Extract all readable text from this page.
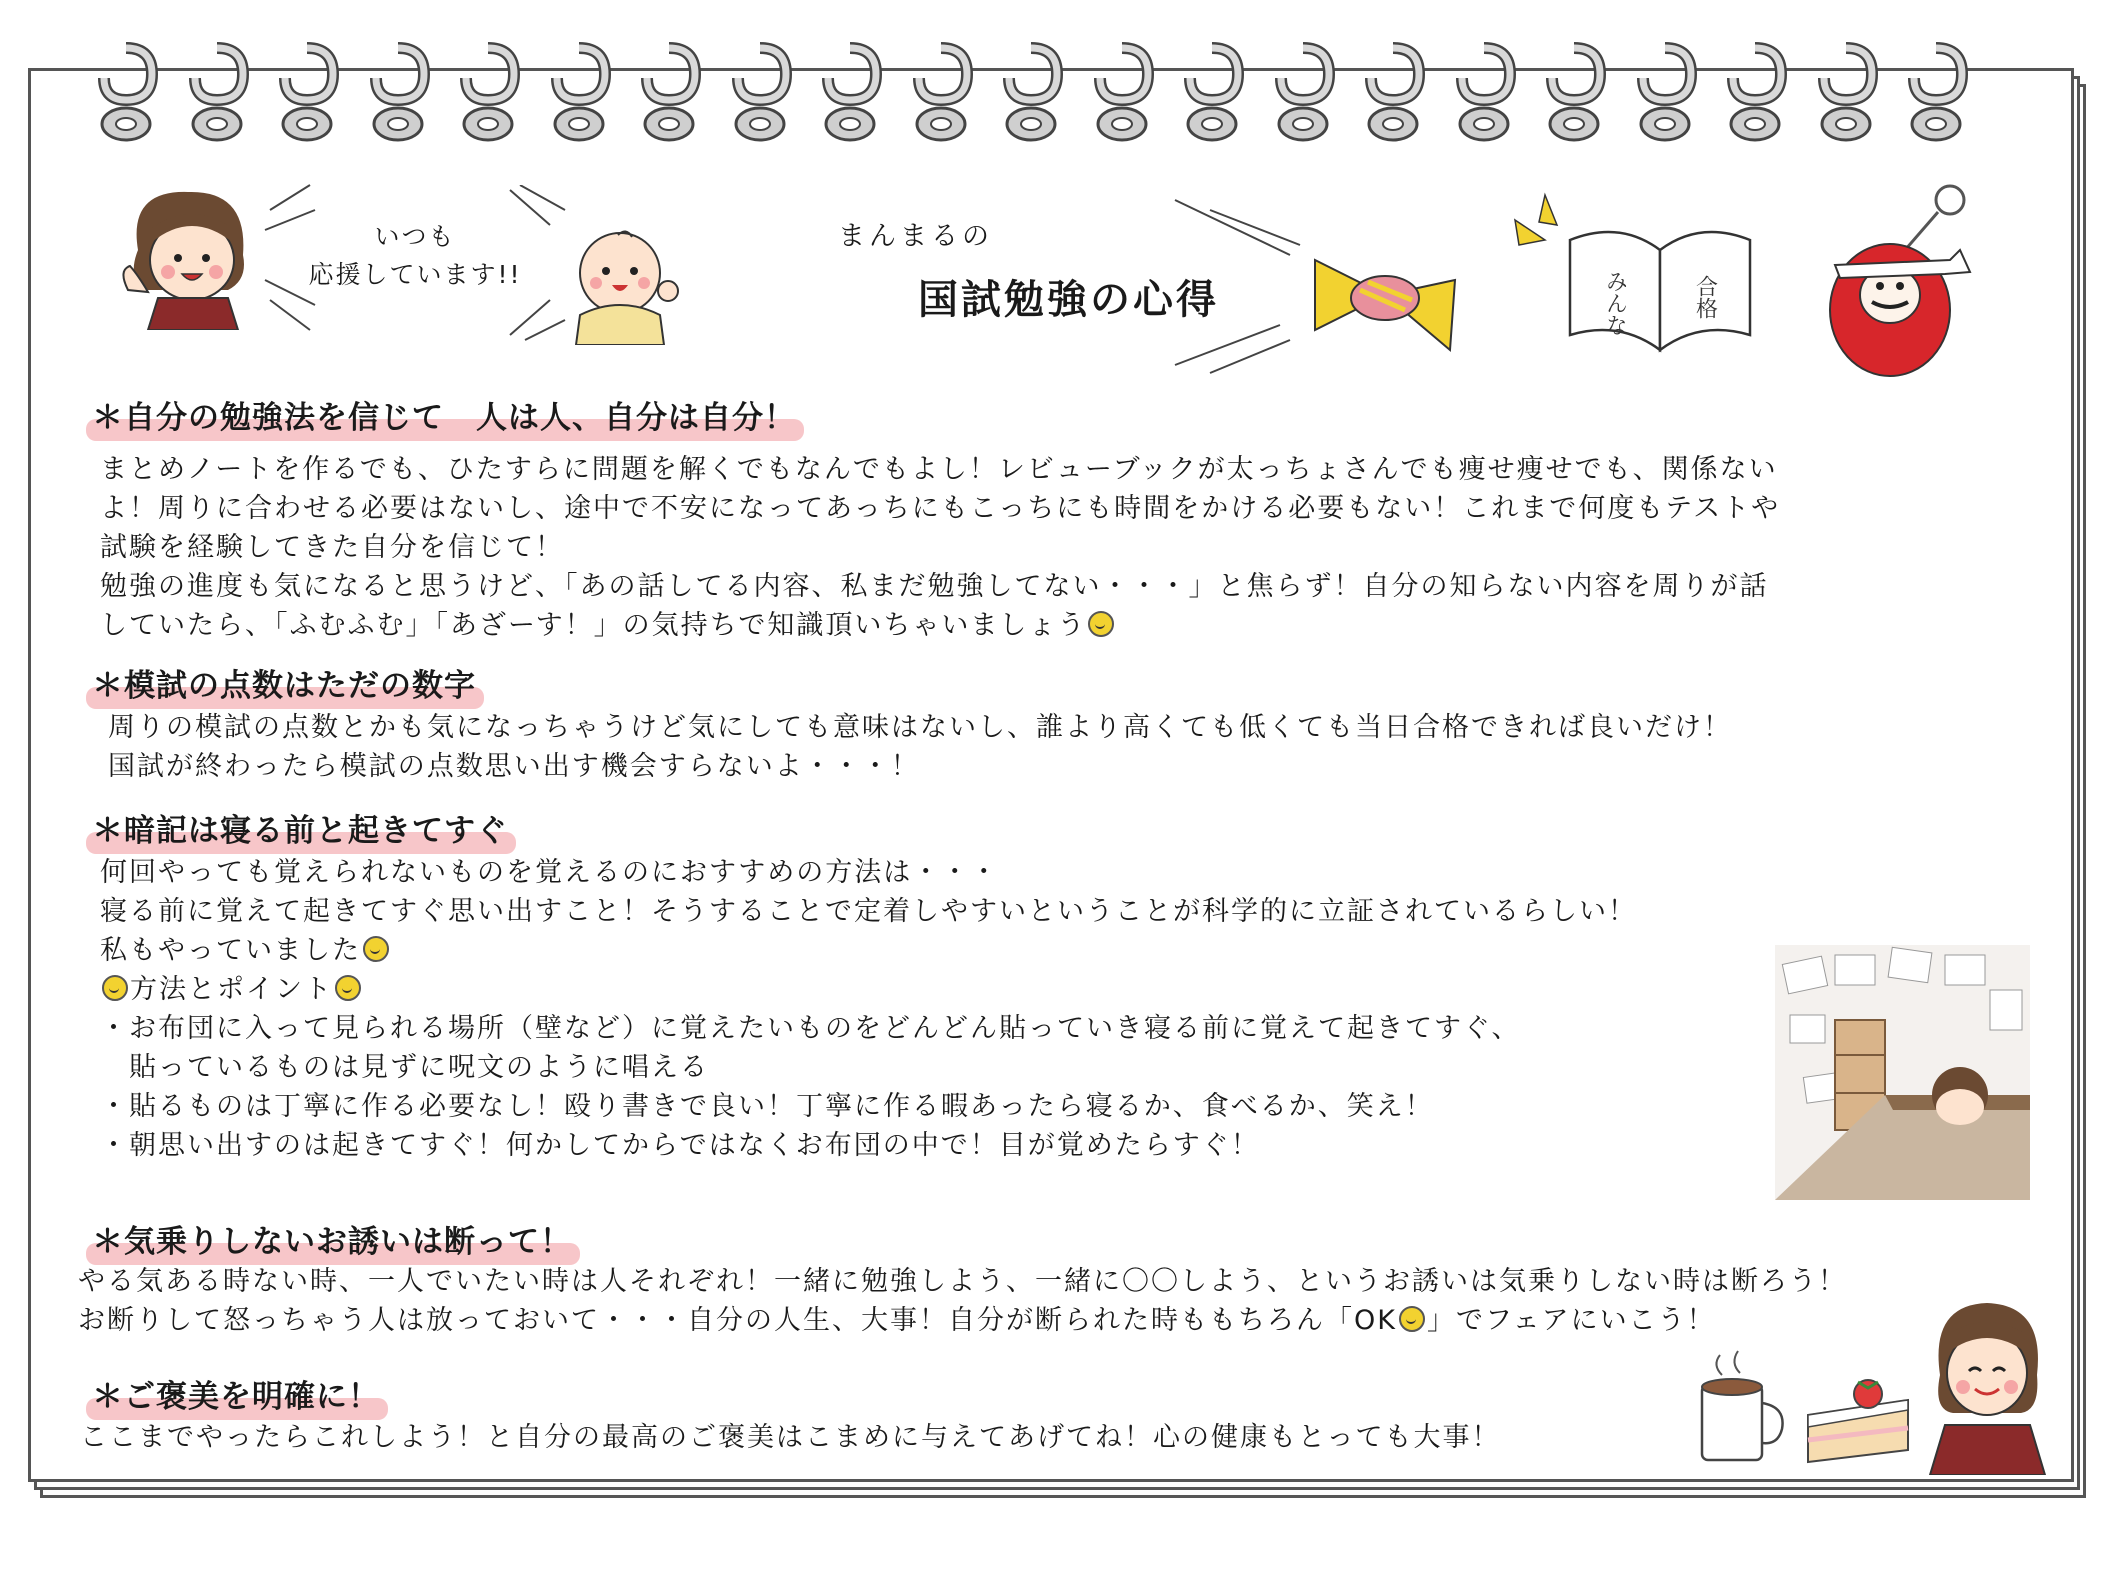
いつも
応援しています!!
まんまるの
国試勉強の心得	みんな	合格
＊自分の勉強法を信じて　人は人、自分は自分！
まとめノートを作るでも、ひたすらに問題を解くでもなんでもよし！レビューブックが太っちょさんでも痩せ痩せでも、関係ない
よ！周りに合わせる必要はないし、途中で不安になってあっちにもこっちにも時間をかける必要もない！これまで何度もテストや
試験を経験してきた自分を信じて！
勉強の進度も気になると思うけど、「あの話してる内容、私まだ勉強してない・・・」と焦らず！自分の知らない内容を周りが話
していたら、「ふむふむ」「あざーす！」の気持ちで知識頂いちゃいましょう
＊模試の点数はただの数字
周りの模試の点数とかも気になっちゃうけど気にしても意味はないし、誰より高くても低くても当日合格できれば良いだけ！
国試が終わったら模試の点数思い出す機会すらないよ・・・！
＊暗記は寝る前と起きてすぐ
何回やっても覚えられないものを覚えるのにおすすめの方法は・・・
寝る前に覚えて起きてすぐ思い出すこと！そうすることで定着しやすいということが科学的に立証されているらしい！
私もやっていました
方法とポイント
・お布団に入って見られる場所（壁など）に覚えたいものをどんどん貼っていき寝る前に覚えて起きてすぐ、
　貼っているものは見ずに呪文のように唱える
・貼るものは丁寧に作る必要なし！殴り書きで良い！丁寧に作る暇あったら寝るか、食べるか、笑え！
・朝思い出すのは起きてすぐ！何かしてからではなくお布団の中で！目が覚めたらすぐ！
＊気乗りしないお誘いは断って！
やる気ある時ない時、一人でいたい時は人それぞれ！一緒に勉強しよう、一緒に〇〇しよう、というお誘いは気乗りしない時は断ろう！
お断りして怒っちゃう人は放っておいて・・・自分の人生、大事！自分が断られた時ももちろん「OK 」でフェアにいこう！
＊ご褒美を明確に！
ここまでやったらこれしよう！と自分の最高のご褒美はこまめに与えてあげてね！心の健康もとっても大事！
